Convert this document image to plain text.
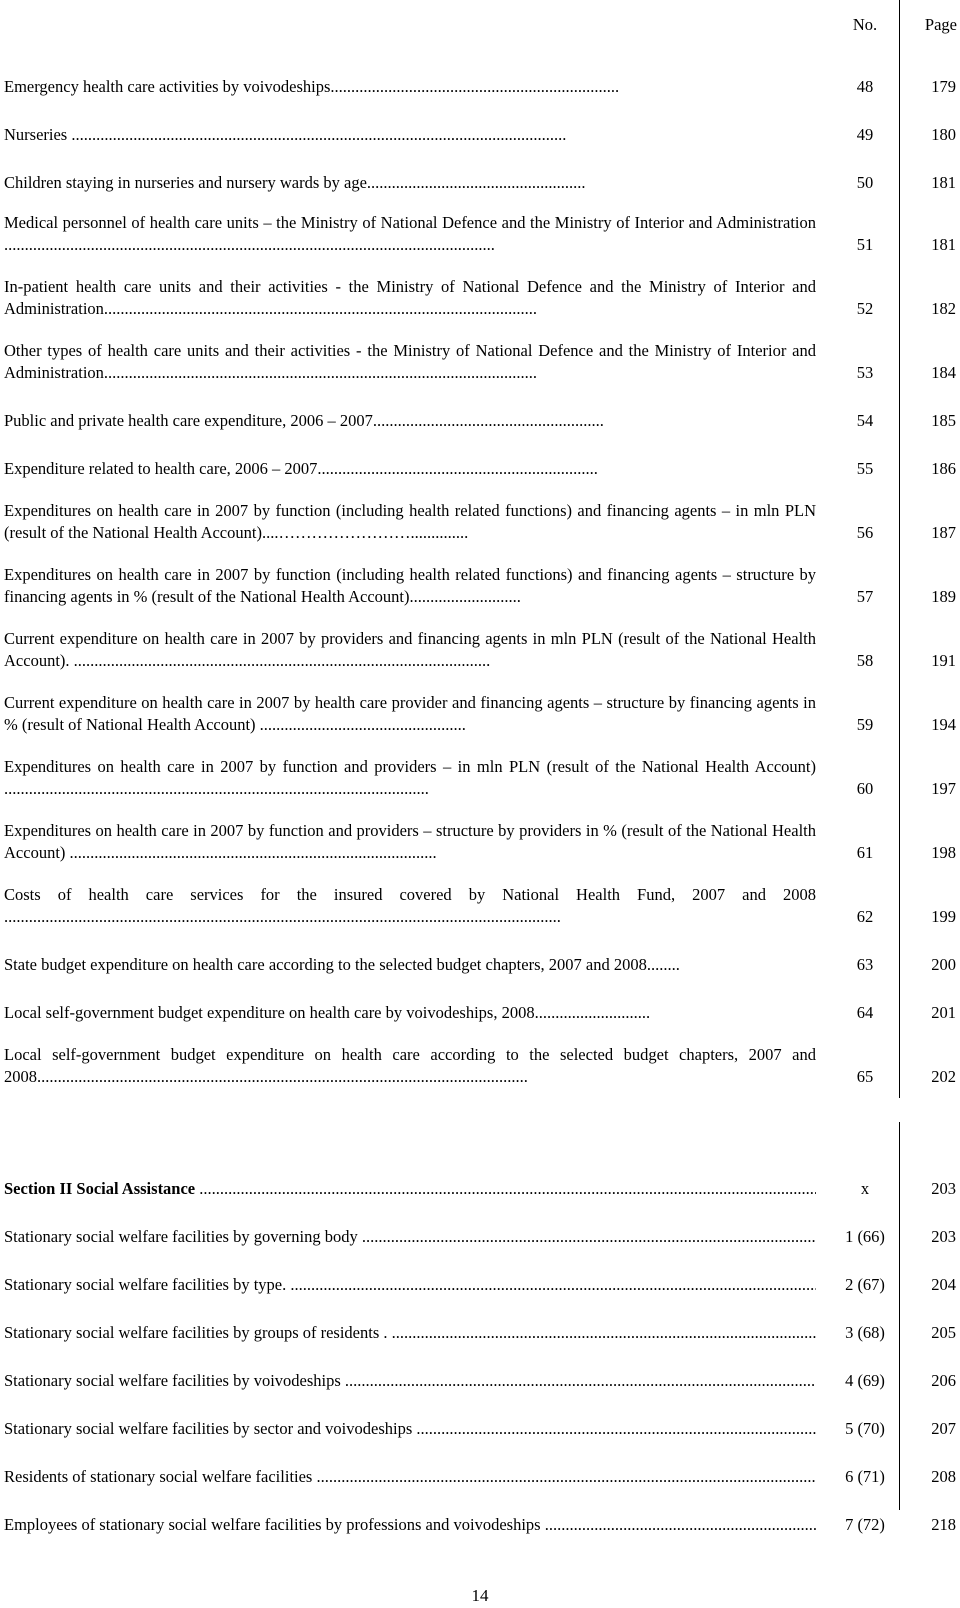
No.	Page
Emergency health care activities by voivodeships......................................................................	48	179
Nurseries ........................................................................................................................	49	180
Children staying in nurseries and nursery wards by age.....................................................	50	181
Medical personnel of health care units – the Ministry of National Defence and the Ministry of Interior and Administration .......................................................................................................................	51	181
In-patient health care units and their activities - the Ministry of National Defence and the Ministry of Interior and Administration.........................................................................................................	52	182
Other types of health care units and their activities - the Ministry of National Defence and the Ministry of Interior and Administration.........................................................................................................	53	184
Public and private health care expenditure, 2006 – 2007........................................................	54	185
Expenditure related to health care, 2006 – 2007....................................................................	55	186
Expenditures on health care in 2007 by function (including health related functions) and financing agents – in mln PLN (result of the National Health Account)....……………………..............	56	187
Expenditures on health care in 2007 by function (including health related functions) and financing agents – structure by financing agents in % (result of the National Health Account)...........................	57	189
Current expenditure on health care in 2007 by providers and financing agents in mln PLN (result of the National Health Account). .....................................................................................................	58	191
Current expenditure on health care in 2007 by health care provider and financing agents – structure by financing agents in % (result of National Health Account) ..................................................	59	194
Expenditures on health care in 2007 by function and providers – in mln PLN (result of the National Health Account) .......................................................................................................	60	197
Expenditures on health care in 2007 by function and providers – structure by providers in % (result of the National Health Account) .........................................................................................	61	198
Costs of health care services for the insured covered by National Health Fund, 2007 and 2008 .......................................................................................................................................	62	199
State budget expenditure on health care according to the selected budget chapters, 2007 and 2008........	63	200
Local self-government budget expenditure on health care by voivodeships, 2008............................	64	201
Local self-government budget expenditure on health care according to the selected budget chapters, 2007 and 2008.......................................................................................................................	65	202
Section II Social Assistance .....	x	203
Stationary social welfare facilities by governing body .....	1 (66)	203
Stationary social welfare facilities by type. .....	2 (67)	204
Stationary social welfare facilities by groups of residents . .....	3 (68)	205
Stationary social welfare facilities by voivodeships .....	4 (69)	206
Stationary social welfare facilities by sector and voivodeships .....	5 (70)	207
Residents of stationary social welfare facilities .....	6 (71)	208
Employees of stationary social welfare facilities by professions and voivodeships .....	7 (72)	218
14
